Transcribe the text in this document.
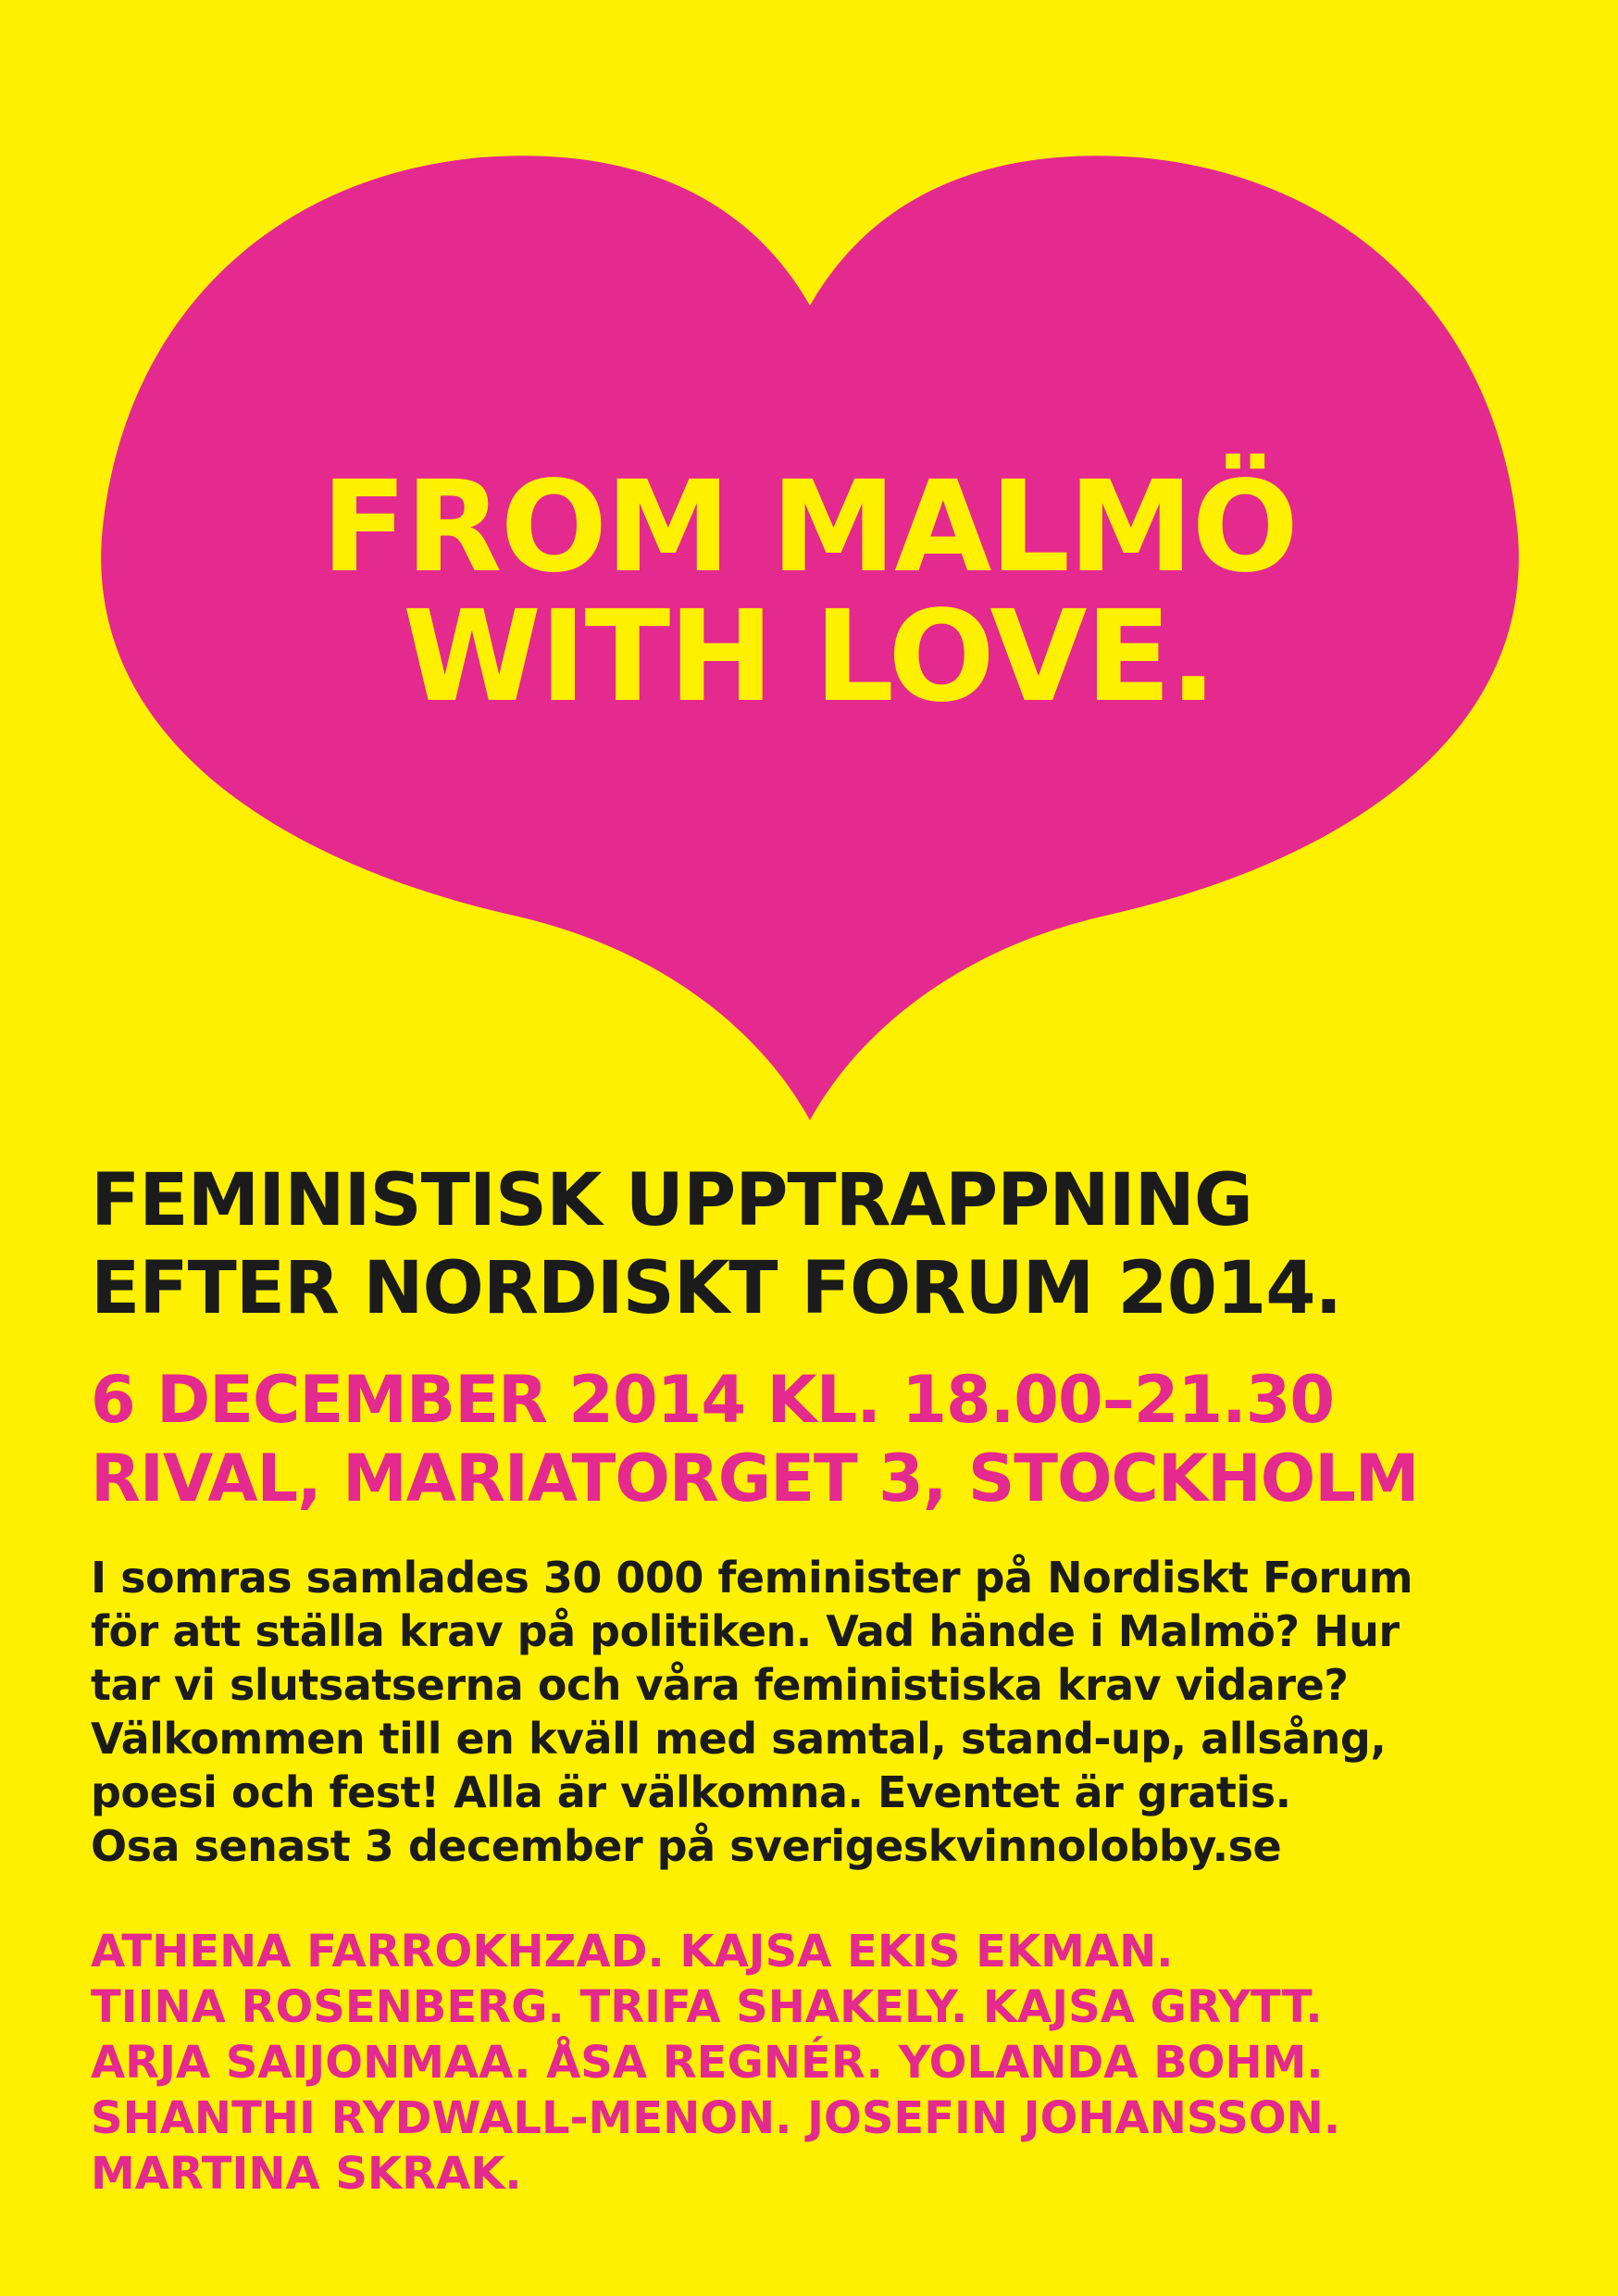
FROM MALMÖ

WITH LOVE.

FEMINISTISK UPPTRAPPNING

EFTER NORDISKT FORUM 2014.

6 DECEMBER 2014 KL. 18.00–21.30

RIVAL, MARIATORGET 3, STOCKHOLM

I somras samlades 30 000 feminister på Nordiskt Forum

för att ställa krav på politiken. Vad hände i Malmö? Hur

tar vi slutsatserna och våra feministiska krav vidare?

Välkommen till en kväll med samtal, stand-up, allsång,

poesi och fest! Alla är välkomna. Eventet är gratis.

Osa senast 3 december på sverigeskvinnolobby.se

ATHENA FARROKHZAD. KAJSA EKIS EKMAN.

TIINA ROSENBERG. TRIFA SHAKELY. KAJSA GRYTT.

ARJA SAIJONMAA. ÅSA REGNÉR. YOLANDA BOHM.

SHANTHI RYDWALL-MENON. JOSEFIN JOHANSSON.

MARTINA SKRAK.
